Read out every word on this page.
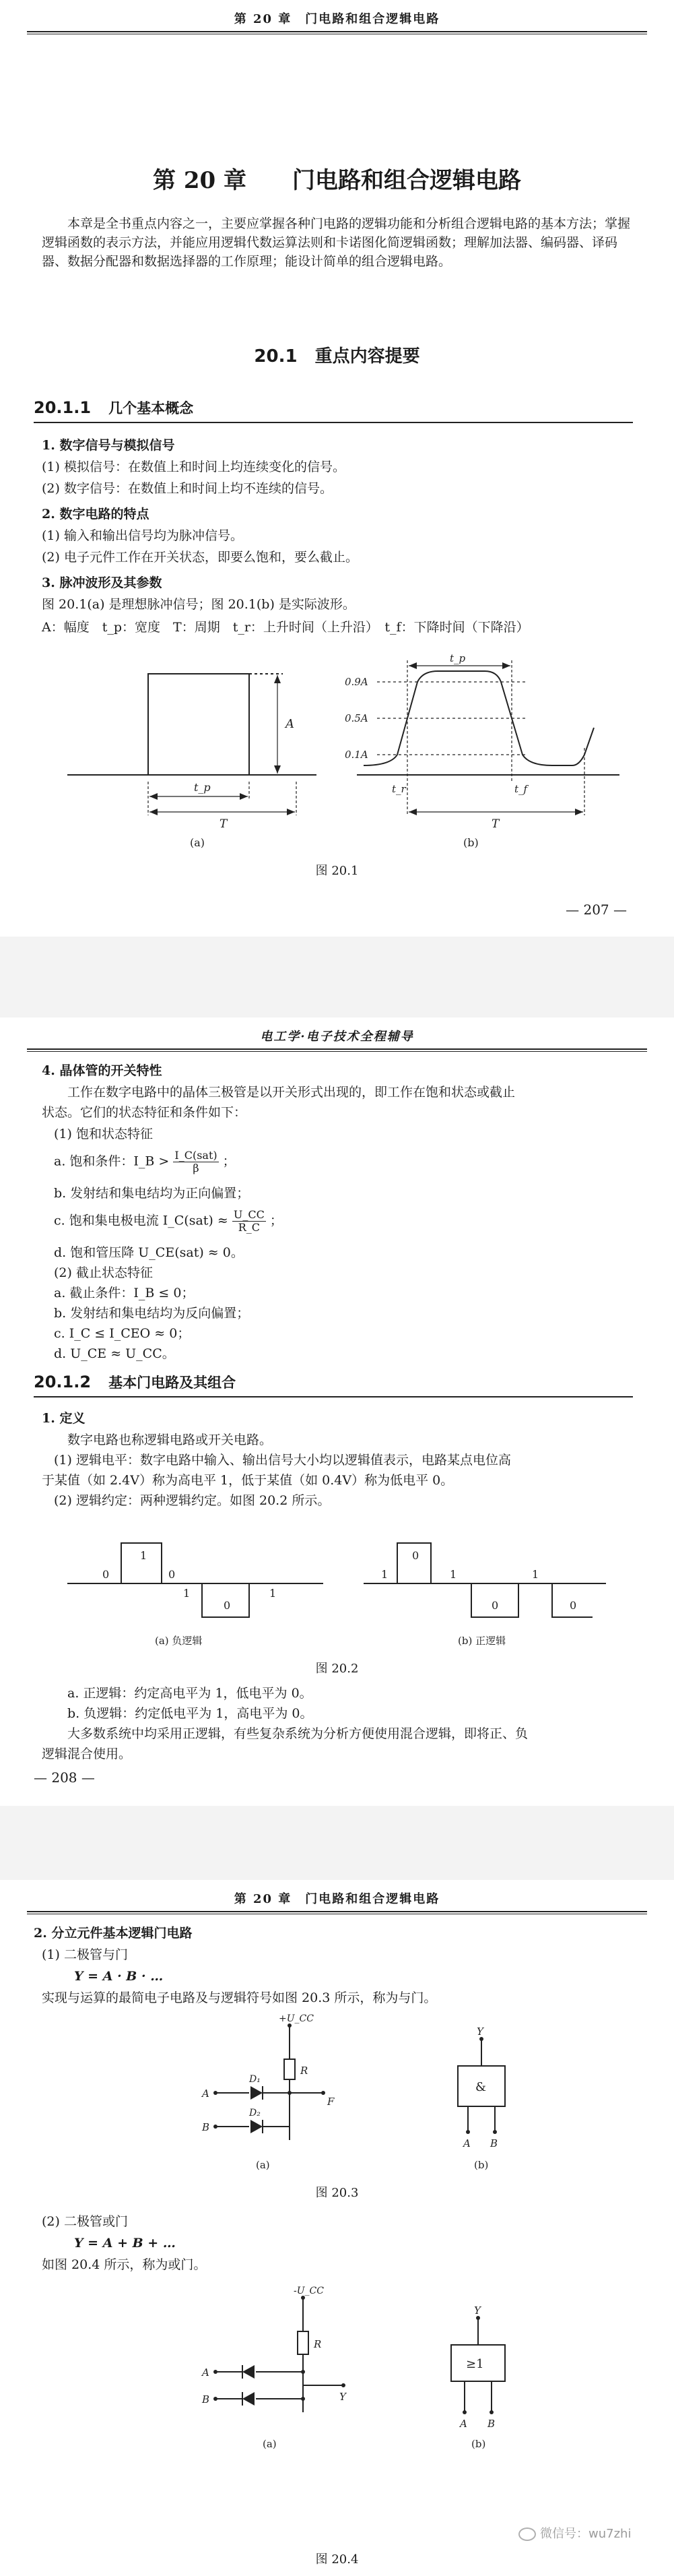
第 20 章　门电路和组合逻辑电路
第 20 章　　门电路和组合逻辑电路
本章是全书重点内容之一，主要应掌握各种门电路的逻辑功能和分析组合逻辑电路的基本方法；掌握逻辑函数的表示方法，并能应用逻辑代数运算法则和卡诺图化简逻辑函数；理解加法器、编码器、译码器、数据分配器和数据选择器的工作原理；能设计简单的组合逻辑电路。
20.1　重点内容提要
20.1.1 几个基本概念
1. 数字信号与模拟信号
(1) 模拟信号：在数值上和时间上均连续变化的信号。
(2) 数字信号：在数值上和时间上均不连续的信号。
2. 数字电路的特点
(1) 输入和输出信号均为脉冲信号。
(2) 电子元件工作在开关状态，即要么饱和，要么截止。
3. 脉冲波形及其参数
图 20.1(a) 是理想脉冲信号；图 20.1(b) 是实际波形。
A：幅度　t_p：宽度　T：周期　t_r：上升时间（上升沿）　t_f：下降时间（下降沿）
A
t_p
T
(a)
0.9A
0.5A
0.1A
t_p
t_r	t_f
T
(b)
图 20.1
— 207 —
电工学·电子技术全程辅导
4. 晶体管的开关特性
工作在数字电路中的晶体三极管是以开关形式出现的，即工作在饱和状态或截止
状态。它们的状态特征和条件如下：
(1) 饱和状态特征
a. 饱和条件：I_B > $\frac{\text{I\_C(sat)}}{\beta}$ ；
b. 发射结和集电结均为正向偏置；
c. 饱和集电极电流 I_C(sat) ≈ $\frac{U\_CC}{R\_C}$ ；
d. 饱和管压降 U_CE(sat) ≈ 0。
(2) 截止状态特征
a. 截止条件：I_B ≤ 0；
b. 发射结和集电结均为反向偏置；
c. I_C ≤ I_CEO ≈ 0；
d. U_CE ≈ U_CC。
20.1.2 基本门电路及其组合
1. 定义
数字电路也称逻辑电路或开关电路。
(1) 逻辑电平：数字电路中输入、输出信号大小均以逻辑值表示，电路某点电位高
于某值（如 2.4V）称为高电平 1，低于某值（如 0.4V）称为低电平 0。
(2) 逻辑约定：两种逻辑约定。如图 20.2 所示。
0
1
0
1
0
1
1
0
1
0
1
0
(a) 负逻辑	(b) 正逻辑
图 20.2
a. 正逻辑：约定高电平为 1，低电平为 0。
b. 负逻辑：约定低电平为 1，高电平为 0。
大多数系统中均采用正逻辑，有些复杂系统为分析方便使用混合逻辑，即将正、负
逻辑混合使用。
— 208 —
第 20 章　门电路和组合逻辑电路
2. 分立元件基本逻辑门电路
(1) 二极管与门
Y = A · B · …
实现与运算的最简电子电路及与逻辑符号如图 20.3 所示，称为与门。
+U_CC
R
D₁
D₂
A
B
F
&
Y
A B
(a)	(b)
图 20.3
(2) 二极管或门
Y = A + B + …
如图 20.4 所示，称为或门。
-U_CC
R
A
B	Y
≥1
Y
A B
(a)	(b)
微信号：wu7zhi
图 20.4
